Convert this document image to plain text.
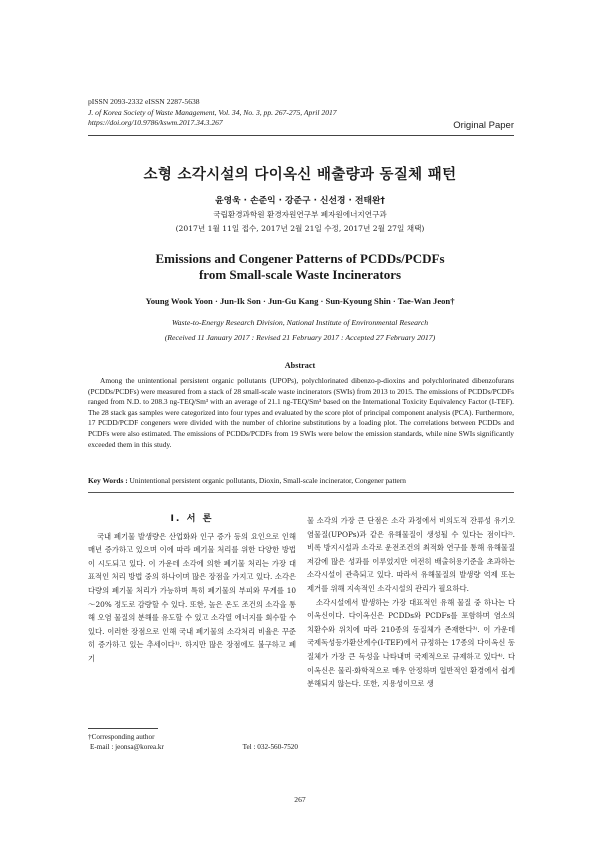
pISSN 2093-2332 eISSN 2287-5638
J. of Korea Society of Waste Management, Vol. 34, No. 3, pp. 267-275, April 2017
https://doi.org/10.9786/kswm.2017.34.3.267	Original Paper
소형 소각시설의 다이옥신 배출량과 동질체 패턴
윤영욱 · 손준익 · 강준구 · 신선경 · 전태완†
국립환경과학원 환경자원연구부 폐자원에너지연구과
(2017년 1월 11일 접수, 2017년 2월 21일 수정, 2017년 2월 27일 채택)
Emissions and Congener Patterns of PCDDs/PCDFs
from Small-scale Waste Incinerators
Young Wook Yoon · Jun-Ik Son · Jun-Gu Kang · Sun-Kyoung Shin · Tae-Wan Jeon†
Waste-to-Energy Research Division, National Institute of Environmental Research
(Received 11 January 2017 : Revised 21 February 2017 : Accepted 27 February 2017)
Abstract
Among the unintentional persistent organic pollutants (UPOPs), polychlorinated dibenzo-p-dioxins and polychlorinated dibenzofurans (PCDDs/PCDFs) were measured from a stack of 28 small-scale waste incinerators (SWIs) from 2013 to 2015. The emissions of PCDDs/PCDFs ranged from N.D. to 208.3 ng-TEQ/Sm³ with an average of 21.1 ng-TEQ/Sm³ based on the International Toxicity Equivalency Factor (I-TEF). The 28 stack gas samples were categorized into four types and evaluated by the score plot of principal component analysis (PCA). Furthermore, 17 PCDD/PCDF congeners were divided with the number of chlorine substitutions by a loading plot. The correlations between PCDDs and PCDFs were also estimated. The emissions of PCDDs/PCDFs from 19 SWIs were below the emission standards, while nine SWIs significantly exceeded them in this study.
Key Words : Unintentional persistent organic pollutants, Dioxin, Small-scale incinerator, Congener pattern
I. 서 론

국내 폐기물 발생량은 산업화와 인구 증가 등의 요인으로 인해 매년 증가하고 있으며 이에 따라 폐기물 처리를 위한 다양한 방법이 시도되고 있다. 이 가운데 소각에 의한 폐기물 처리는 가장 대표적인 처리 방법 중의 하나이며 많은 장점을 가지고 있다. 소각은 다량의 폐기물 처리가 가능하며 특히 폐기물의 부피와 무게를 10～20% 정도로 감량할 수 있다. 또한, 높은 온도 조건의 소각을 통해 오염 물질의 분해를 유도할 수 있고 소각열 에너지를 회수할 수 있다. 이러한 장점으로 인해 국내 폐기물의 소각처리 비율은 꾸준히 증가하고 있는 추세이다¹⁾. 하지만 많은 장점에도 불구하고 폐기

물 소각의 가장 큰 단점은 소각 과정에서 비의도적 잔류성 유기오염물질(UPOPs)과 같은 유해물질이 생성될 수 있다는 점이다²⁾. 비록 방지시설과 소각로 운전조건의 최적화 연구를 통해 유해물질 저감에 많은 성과를 이루었지만 여전히 배출허용기준을 초과하는 소각시설이 관측되고 있다. 따라서 유해물질의 발생량 억제 또는 제거를 위해 지속적인 소각시설의 관리가 필요하다.

소각시설에서 발생하는 가장 대표적인 유해 물질 중 하나는 다이옥신이다. 다이옥신은 PCDDs와 PCDFs를 포함하며 염소의 치환수와 위치에 따라 210종의 동질체가 존재한다³⁾. 이 가운데 국제독성등가환산계수(I-TEF)에서 규정하는 17종의 다이옥신 동질체가 가장 큰 독성을 나타내며 국제적으로 규제하고 있다⁴⁾. 다이옥신은 물리·화학적으로 매우 안정하며 일반적인 환경에서 쉽게 분해되지 않는다. 또한, 지용성이므로 생

†Corresponding author
E-mail : jeonsa@korea.kr	Tel : 032-560-7520
267
